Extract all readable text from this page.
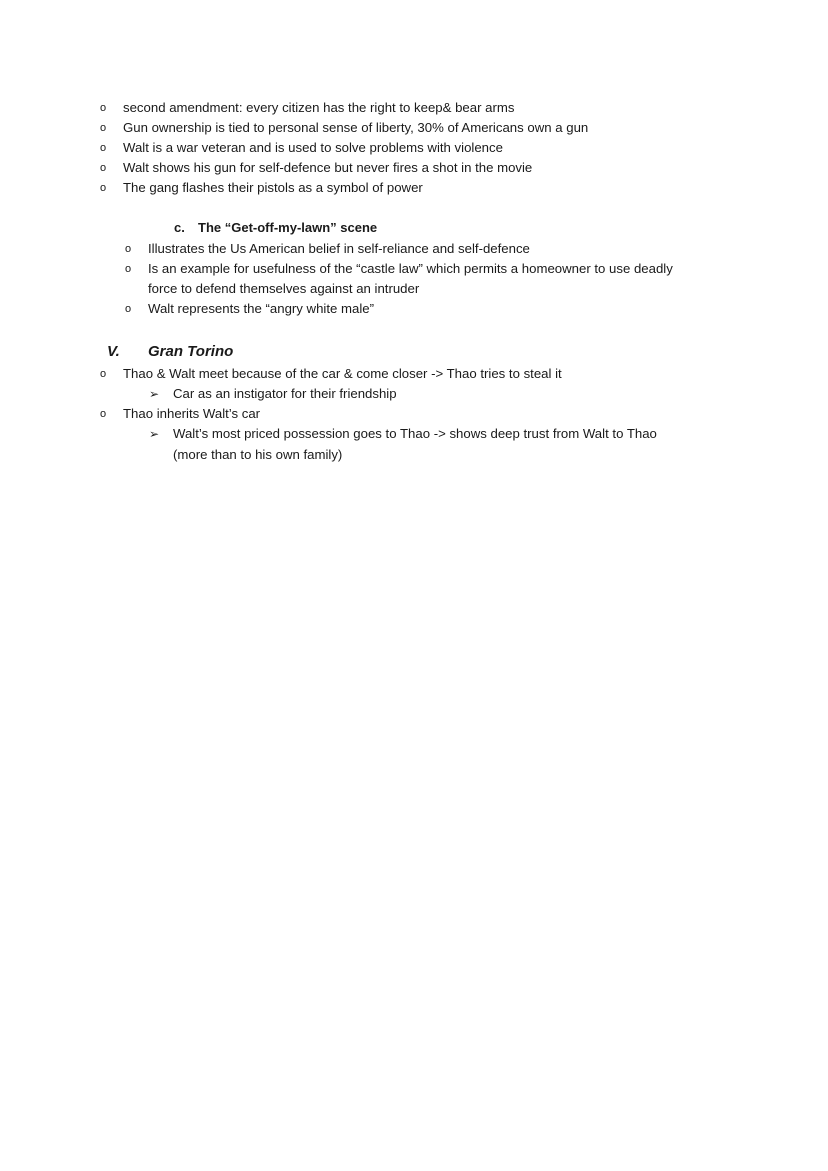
o second amendment: every citizen has the right to keep& bear arms
o Gun ownership is tied to personal sense of liberty, 30% of Americans own a gun
o Walt is a war veteran and is used to solve problems with violence
o Walt shows his gun for self-defence but never fires a shot in the movie
o The gang flashes their pistols as a symbol of power
c. The “Get-off-my-lawn” scene
o Illustrates the Us American belief in self-reliance and self-defence
o Is an example for usefulness of the “castle law” which permits a homeowner to use deadly
force to defend themselves against an intruder
o Walt represents the “angry white male”
V. Gran Torino
o Thao & Walt meet because of the car & come closer -> Thao tries to steal it
➢ Car as an instigator for their friendship
o Thao inherits Walt’s car
➢ Walt’s most priced possession goes to Thao -> shows deep trust from Walt to Thao
(more than to his own family)
